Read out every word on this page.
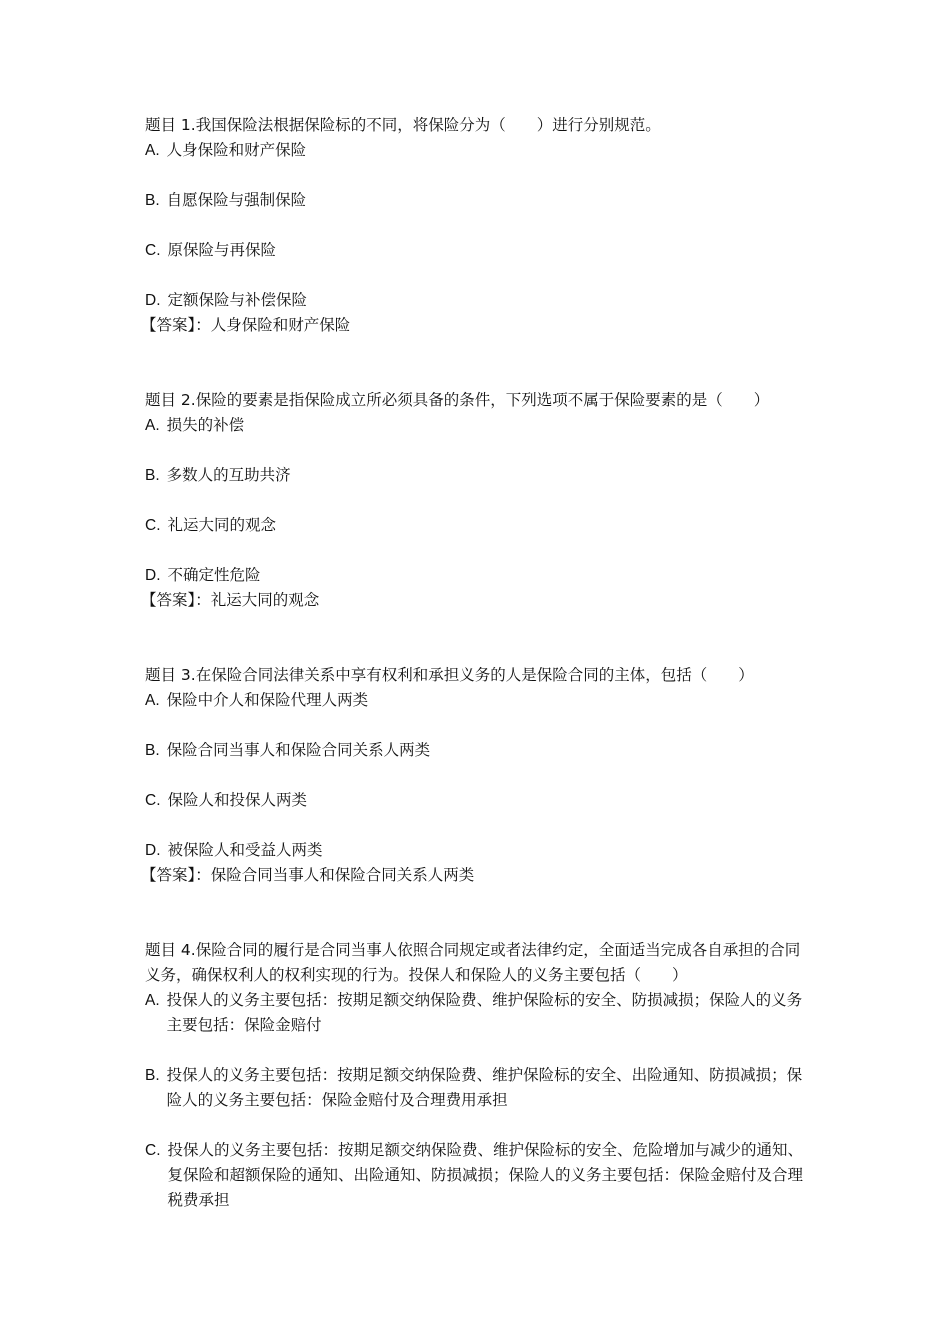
题目 1.我国保险法根据保险标的不同，将保险分为（　　）进行分别规范。

A. 人身保险和财产保险
B. 自愿保险与强制保险
C. 原保险与再保险
D. 定额保险与补偿保险

【答案】：人身保险和财产保险

题目 2.保险的要素是指保险成立所必须具备的条件，下列选项不属于保险要素的是（　　）

A. 损失的补偿
B. 多数人的互助共济
C. 礼运大同的观念
D. 不确定性危险

【答案】：礼运大同的观念

题目 3.在保险合同法律关系中享有权利和承担义务的人是保险合同的主体，包括（　　）

A. 保险中介人和保险代理人两类
B. 保险合同当事人和保险合同关系人两类
C. 保险人和投保人两类
D. 被保险人和受益人两类

【答案】：保险合同当事人和保险合同关系人两类

题目 4.保险合同的履行是合同当事人依照合同规定或者法律约定，全面适当完成各自承担的合同义务，确保权利人的权利实现的行为。投保人和保险人的义务主要包括（　　）

A. 投保人的义务主要包括：按期足额交纳保险费、维护保险标的安全、防损减损；保险人的义务主要包括：保险金赔付
B. 投保人的义务主要包括：按期足额交纳保险费、维护保险标的安全、出险通知、防损减损；保险人的义务主要包括：保险金赔付及合理费用承担
C. 投保人的义务主要包括：按期足额交纳保险费、维护保险标的安全、危险增加与减少的通知、复保险和超额保险的通知、出险通知、防损减损；保险人的义务主要包括：保险金赔付及合理税费承担
